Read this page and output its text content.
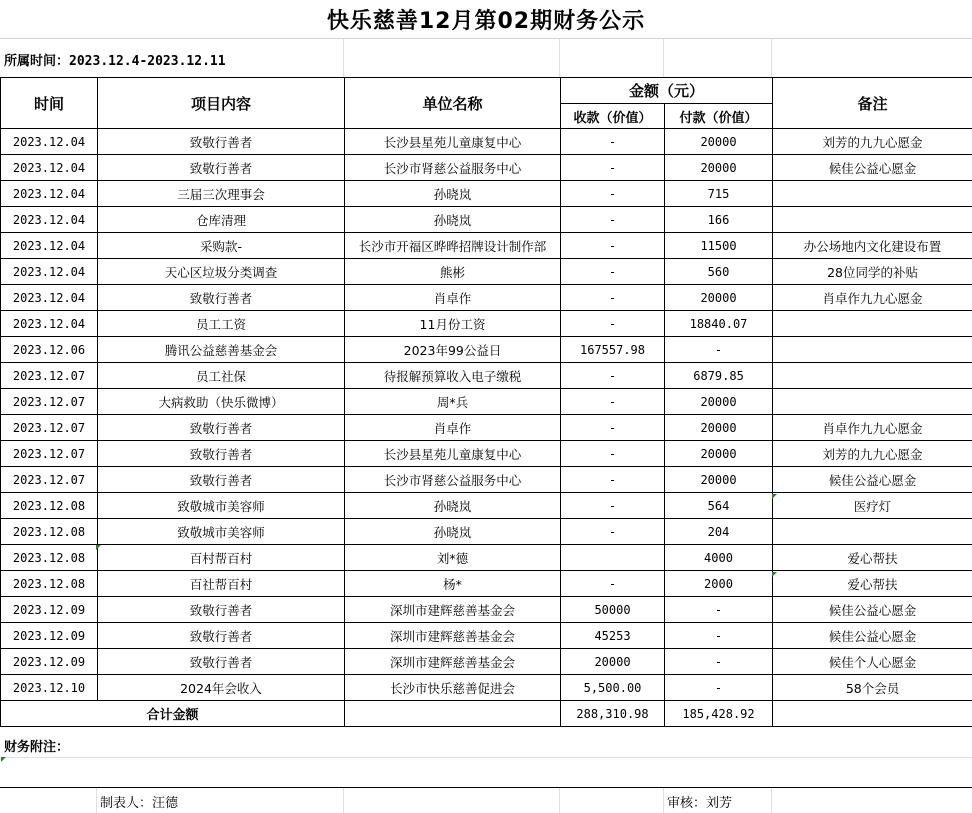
快乐慈善12月第02期财务公示
所属时间：2023.12.4-2023.12.11
时间	项目内容	单位名称	金额（元）		备注
			收款（价值）	付款（价值）	
2023.12.04	致敬行善者	长沙县星苑儿童康复中心	-	20000	刘芳的九九心愿金
2023.12.04	致敬行善者	长沙市肾慈公益服务中心	-	20000	候佳公益心愿金
2023.12.04	三届三次理事会	孙晓岚	-	715	
2023.12.04	仓库清理	孙晓岚	-	166	
2023.12.04	采购款-	长沙市开福区晔晔招牌设计制作部	-	11500	办公场地内文化建设布置
2023.12.04	天心区垃圾分类调查	熊彬	-	560	28位同学的补贴
2023.12.04	致敬行善者	肖卓作	-	20000	肖卓作九九心愿金
2023.12.04	员工工资	11月份工资	-	18840.07	
2023.12.06	腾讯公益慈善基金会	2023年99公益日	167557.98	-	
2023.12.07	员工社保	待报解预算收入电子缴税	-	6879.85	
2023.12.07	大病救助（快乐微博）	周*兵	-	20000	
2023.12.07	致敬行善者	肖卓作	-	20000	肖卓作九九心愿金
2023.12.07	致敬行善者	长沙县星苑儿童康复中心	-	20000	刘芳的九九心愿金
2023.12.07	致敬行善者	长沙市肾慈公益服务中心	-	20000	候佳公益心愿金
2023.12.08	致敬城市美容师	孙晓岚	-	564	医疗灯
2023.12.08	致敬城市美容师	孙晓岚	-	204	
2023.12.08	百村帮百村	刘*德		4000	爱心帮扶
2023.12.08	百社帮百村	杨*	-	2000	爱心帮扶
2023.12.09	致敬行善者	深圳市建辉慈善基金会	50000	-	候佳公益心愿金
2023.12.09	致敬行善者	深圳市建辉慈善基金会	45253	-	候佳公益心愿金
2023.12.09	致敬行善者	深圳市建辉慈善基金会	20000	-	候佳个人心愿金
2023.12.10	2024年会收入	长沙市快乐慈善促进会	5,500.00	-	58个会员
合计金额			288,310.98	185,428.92	
财务附注：
制表人：汪德	审核：刘芳
